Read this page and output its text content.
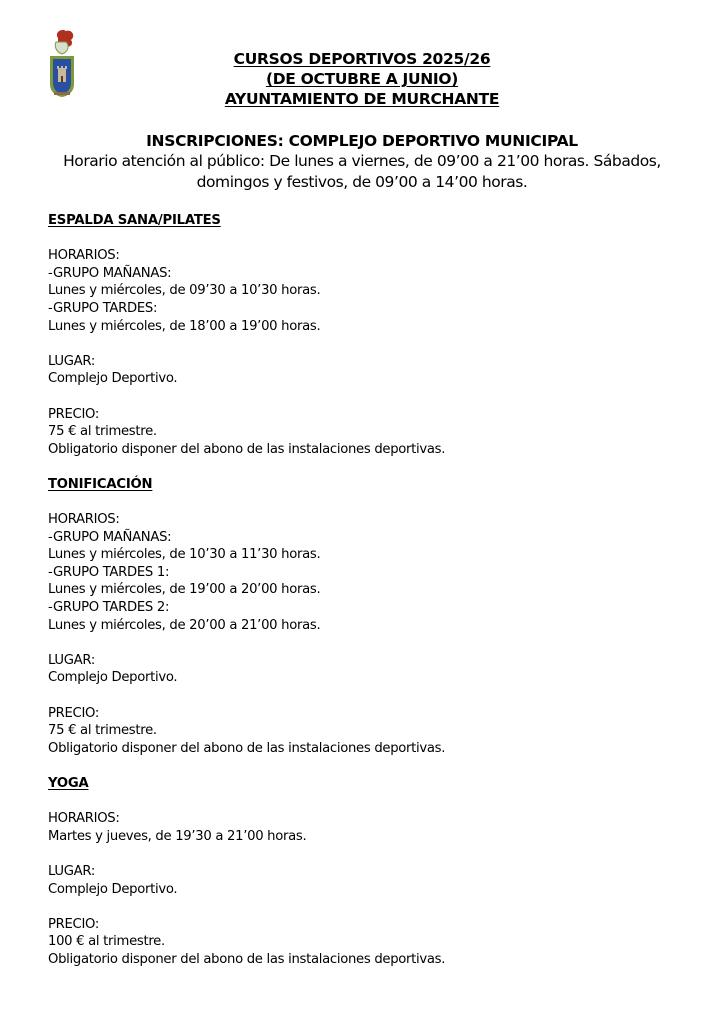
CURSOS DEPORTIVOS 2025/26
(DE OCTUBRE A JUNIO)
AYUNTAMIENTO DE MURCHANTE
INSCRIPCIONES: COMPLEJO DEPORTIVO MUNICIPAL
Horario atención al público: De lunes a viernes, de 09’00 a 21’00 horas. Sábados,
domingos y festivos, de 09’00 a 14’00 horas.
ESPALDA SANA/PILATES
HORARIOS:
-GRUPO MAÑANAS:
Lunes y miércoles, de 09’30 a 10’30 horas.
-GRUPO TARDES:
Lunes y miércoles, de 18’00 a 19’00 horas.
LUGAR:
Complejo Deportivo.
PRECIO:
75 € al trimestre.
Obligatorio disponer del abono de las instalaciones deportivas.
TONIFICACIÓN
HORARIOS:
-GRUPO MAÑANAS:
Lunes y miércoles, de 10’30 a 11’30 horas.
-GRUPO TARDES 1:
Lunes y miércoles, de 19’00 a 20’00 horas.
-GRUPO TARDES 2:
Lunes y miércoles, de 20’00 a 21’00 horas.
LUGAR:
Complejo Deportivo.
PRECIO:
75 € al trimestre.
Obligatorio disponer del abono de las instalaciones deportivas.
YOGA
HORARIOS:
Martes y jueves, de 19’30 a 21’00 horas.
LUGAR:
Complejo Deportivo.
PRECIO:
100 € al trimestre.
Obligatorio disponer del abono de las instalaciones deportivas.
